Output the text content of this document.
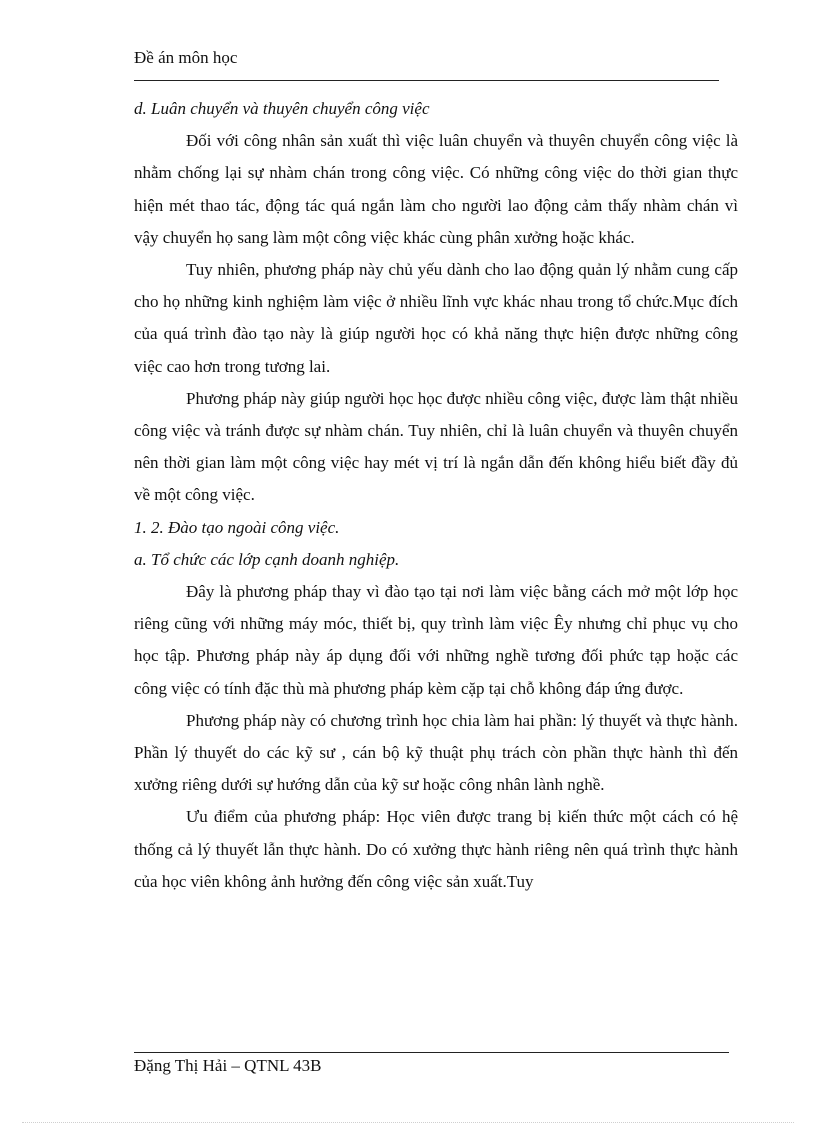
Đề án môn học

d. Luân chuyển và thuyên chuyển công việc

Đối với công nhân sản xuất thì việc luân chuyển và thuyên chuyển công việc là nhằm chống lại sự nhàm chán trong công việc. Có những công việc do thời gian thực hiện mét thao tác, động tác quá ngắn làm cho người lao động cảm thấy nhàm chán vì vậy chuyển họ sang làm một công việc khác cùng phân xưởng hoặc khác.

Tuy nhiên, phương pháp này chủ yếu dành cho lao động quản lý nhằm cung cấp cho họ những kinh nghiệm làm việc ở nhiều lĩnh vực khác nhau trong tổ chức.Mục đích của quá trình đào tạo này là giúp người học có khả năng thực hiện được những công việc cao hơn trong tương lai.

Phương pháp này giúp người học học được nhiều công việc, được làm thật nhiều công việc và tránh được sự nhàm chán. Tuy nhiên, chỉ là luân chuyển và thuyên chuyển nên thời gian làm một công việc hay mét vị trí là ngắn dẫn đến không hiểu biết đầy đủ về một công việc.

1. 2. Đào tạo ngoài công việc.

a. Tổ chức các lớp cạnh doanh nghiệp.

Đây là phương pháp thay vì đào tạo tại nơi làm việc bằng cách mở một lớp học riêng cũng với những máy móc, thiết bị, quy trình làm việc Êy nhưng chỉ phục vụ cho học tập. Phương pháp này áp dụng đối với những nghề tương đối phức tạp hoặc các công việc có tính đặc thù mà phương pháp kèm cặp tại chỗ không đáp ứng được.

Phương pháp này có chương trình học chia làm hai phần: lý thuyết và thực hành. Phần lý thuyết do các kỹ sư , cán bộ kỹ thuật phụ trách còn phần thực hành thì đến xưởng riêng dưới sự hướng dẫn của kỹ sư hoặc công nhân lành nghề.

Ưu điểm của phương pháp: Học viên được trang bị kiến thức một cách có hệ thống cả lý thuyết lẫn thực hành. Do có xưởng thực hành riêng nên quá trình thực hành của học viên không ảnh hưởng đến công việc sản xuất.Tuy

Đặng Thị Hải – QTNL 43B
